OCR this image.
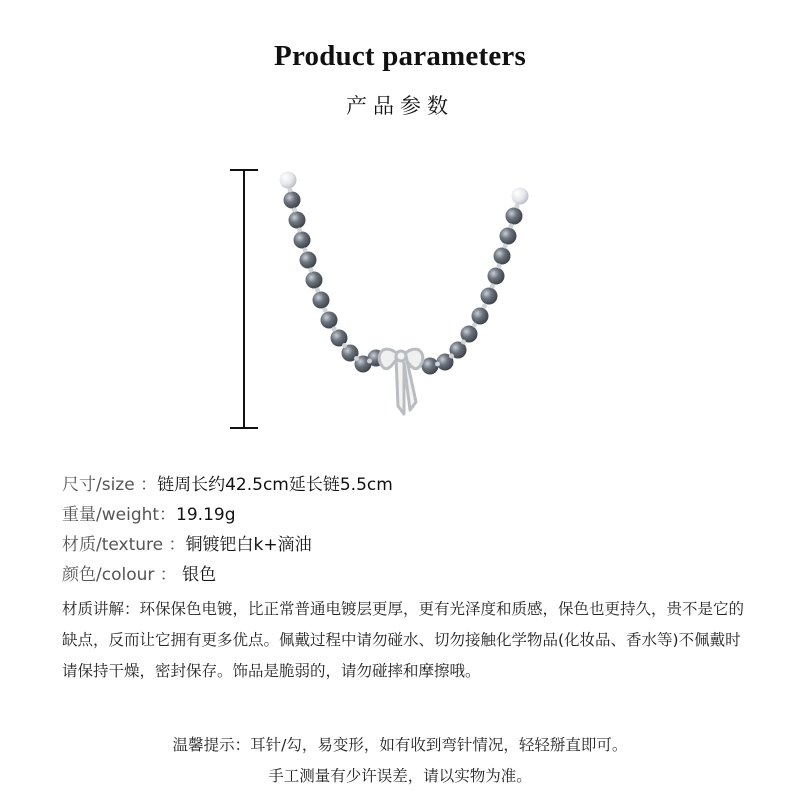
Product parameters
产品参数
尺寸/size ：链周长约42.5cm延长链5.5cm
重量/weight：19.19g
材质/texture ：铜镀钯白k+滴油
颜色/colour ： 银色
材质讲解：环保保色电镀，比正常普通电镀层更厚，更有光泽度和质感，保色也更持久，贵不是它的缺点，反而让它拥有更多优点。佩戴过程中请勿碰水、切勿接触化学物品(化妆品、香水等)不佩戴时请保持干燥，密封保存。饰品是脆弱的，请勿碰摔和摩擦哦。
温馨提示：耳针/勾，易变形，如有收到弯针情况，轻轻掰直即可。
手工测量有少许误差，请以实物为准。
